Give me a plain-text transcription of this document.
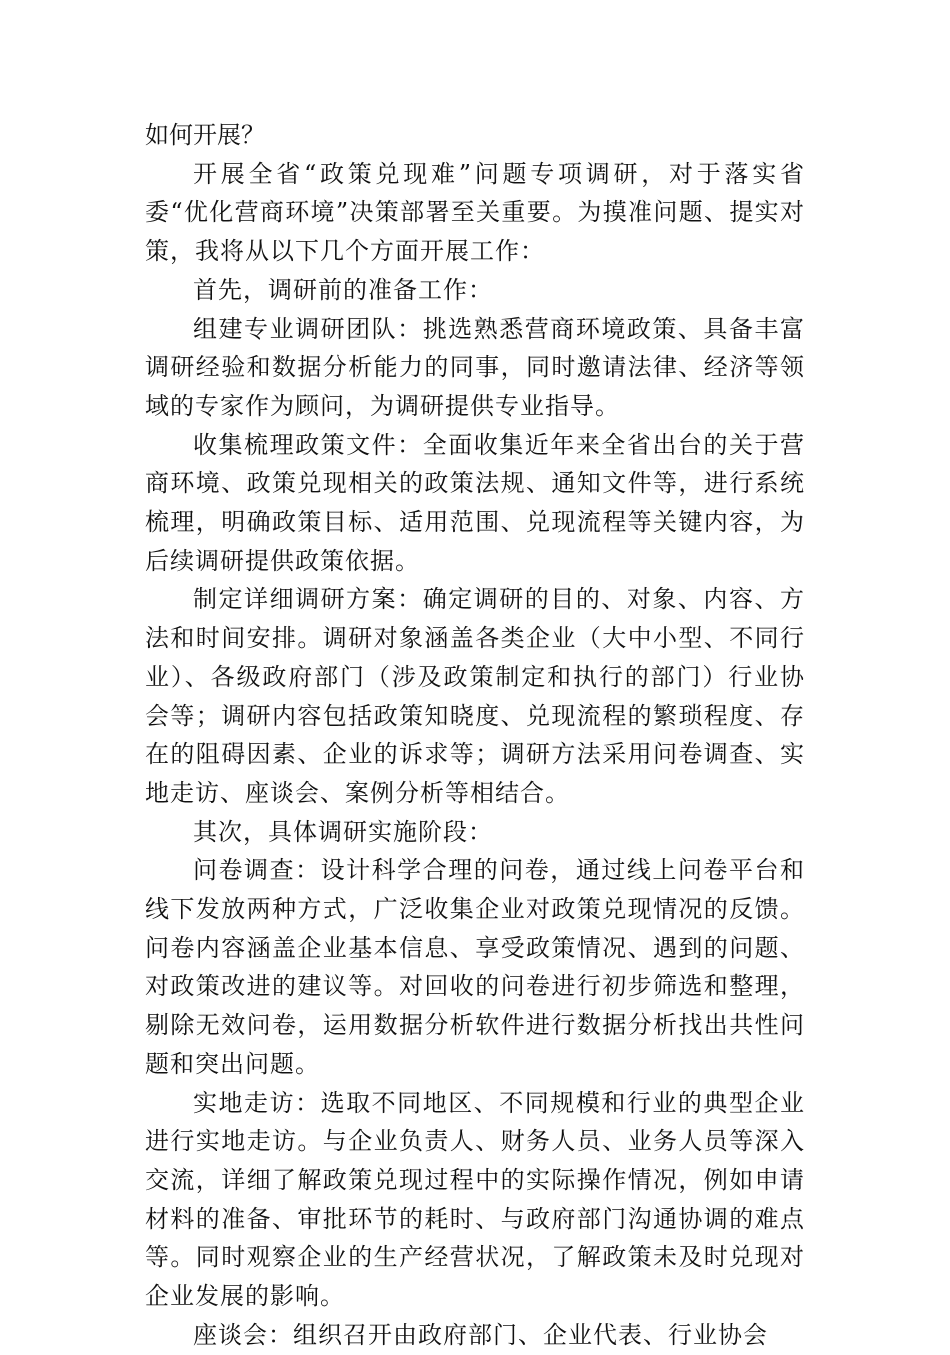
如何开展？

开展全省“政策兑现难”问题专项调研，对于落实省委“优化营商环境”决策部署至关重要。为摸准问题、提实对策，我将从以下几个方面开展工作：

首先，调研前的准备工作：

组建专业调研团队：挑选熟悉营商环境政策、具备丰富调研经验和数据分析能力的同事，同时邀请法律、经济等领域的专家作为顾问，为调研提供专业指导。

收集梳理政策文件：全面收集近年来全省出台的关于营商环境、政策兑现相关的政策法规、通知文件等，进行系统梳理，明确政策目标、适用范围、兑现流程等关键内容，为后续调研提供政策依据。

制定详细调研方案：确定调研的目的、对象、内容、方法和时间安排。调研对象涵盖各类企业（大中小型、不同行业）、各级政府部门（涉及政策制定和执行的部门）行业协会等；调研内容包括政策知晓度、兑现流程的繁琐程度、存在的阻碍因素、企业的诉求等；调研方法采用问卷调查、实地走访、座谈会、案例分析等相结合。

其次，具体调研实施阶段：

问卷调查：设计科学合理的问卷，通过线上问卷平台和线下发放两种方式，广泛收集企业对政策兑现情况的反馈。问卷内容涵盖企业基本信息、享受政策情况、遇到的问题、对政策改进的建议等。对回收的问卷进行初步筛选和整理，剔除无效问卷，运用数据分析软件进行数据分析找出共性问题和突出问题。

实地走访：选取不同地区、不同规模和行业的典型企业进行实地走访。与企业负责人、财务人员、业务人员等深入交流，详细了解政策兑现过程中的实际操作情况，例如申请材料的准备、审批环节的耗时、与政府部门沟通协调的难点等。同时观察企业的生产经营状况，了解政策未及时兑现对企业发展的影响。

座谈会：组织召开由政府部门、企业代表、行业协会
